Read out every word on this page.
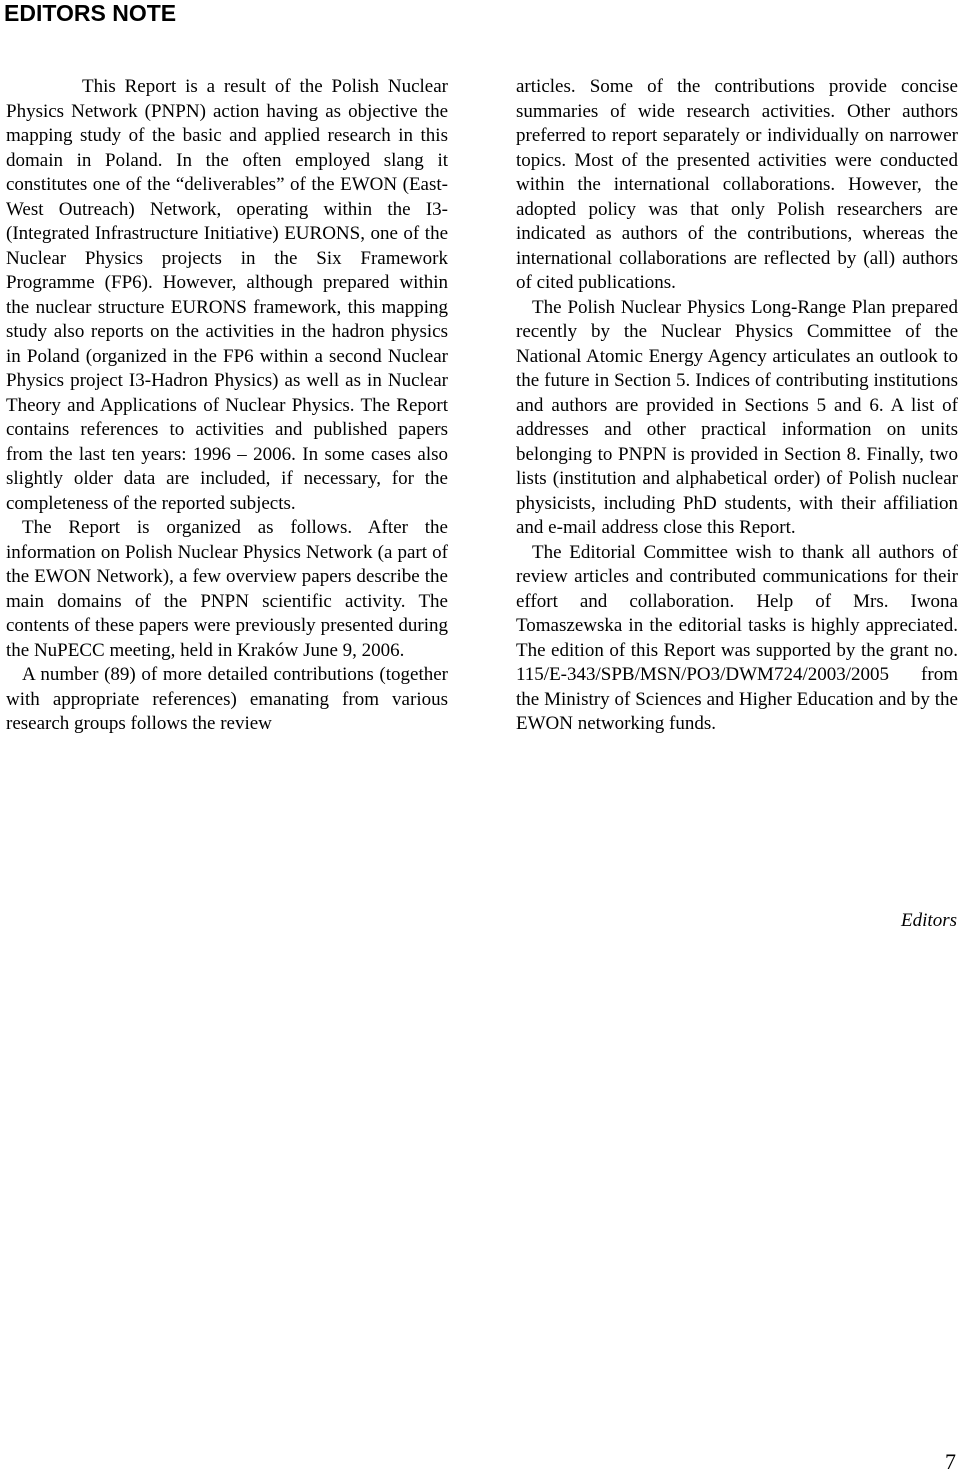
EDITORS NOTE

This Report is a result of the Polish Nuclear Physics Network (PNPN) action having as objective the mapping study of the basic and applied research in this domain in Poland. In the often employed slang it constitutes one of the “deliverables” of the EWON (East-West Outreach) Network, operating within the I3- (Integrated Infrastructure Initiative) EURONS, one of the Nuclear Physics projects in the Six Framework Programme (FP6). However, although prepared within the nuclear structure EURONS framework, this mapping study also reports on the activities in the hadron physics in Poland (organized in the FP6 within a second Nuclear Physics project I3-Hadron Physics) as well as in Nuclear Theory and Applications of Nuclear Physics. The Report contains references to activities and published papers from the last ten years: 1996 – 2006. In some cases also slightly older data are included, if necessary, for the completeness of the reported subjects.

The Report is organized as follows. After the information on Polish Nuclear Physics Network (a part of the EWON Network), a few overview papers describe the main domains of the PNPN scientific activity. The contents of these papers were previously presented during the NuPECC meeting, held in Kraków June 9, 2006.

A number (89) of more detailed contributions (together with appropriate references) emanating from various research groups follows the review

articles. Some of the contributions provide concise summaries of wide research activities. Other authors preferred to report separately or individually on narrower topics. Most of the presented activities were conducted within the international collaborations. However, the adopted policy was that only Polish researchers are indicated as authors of the contributions, whereas the international collaborations are reflected by (all) authors of cited publications.

The Polish Nuclear Physics Long-Range Plan prepared recently by the Nuclear Physics Committee of the National Atomic Energy Agency articulates an outlook to the future in Section 5. Indices of contributing institutions and authors are provided in Sections 5 and 6. A list of addresses and other practical information on units belonging to PNPN is provided in Section 8. Finally, two lists (institution and alphabetical order) of Polish nuclear physicists, including PhD students, with their affiliation and e-mail address close this Report.

The Editorial Committee wish to thank all authors of review articles and contributed communications for their effort and collaboration. Help of Mrs. Iwona Tomaszewska in the editorial tasks is highly appreciated. The edition of this Report was supported by the grant no. 115/E-343/SPB/MSN/PO3/DWM724/2003/2005 from the Ministry of Sciences and Higher Education and by the EWON networking funds.

Editors
7
